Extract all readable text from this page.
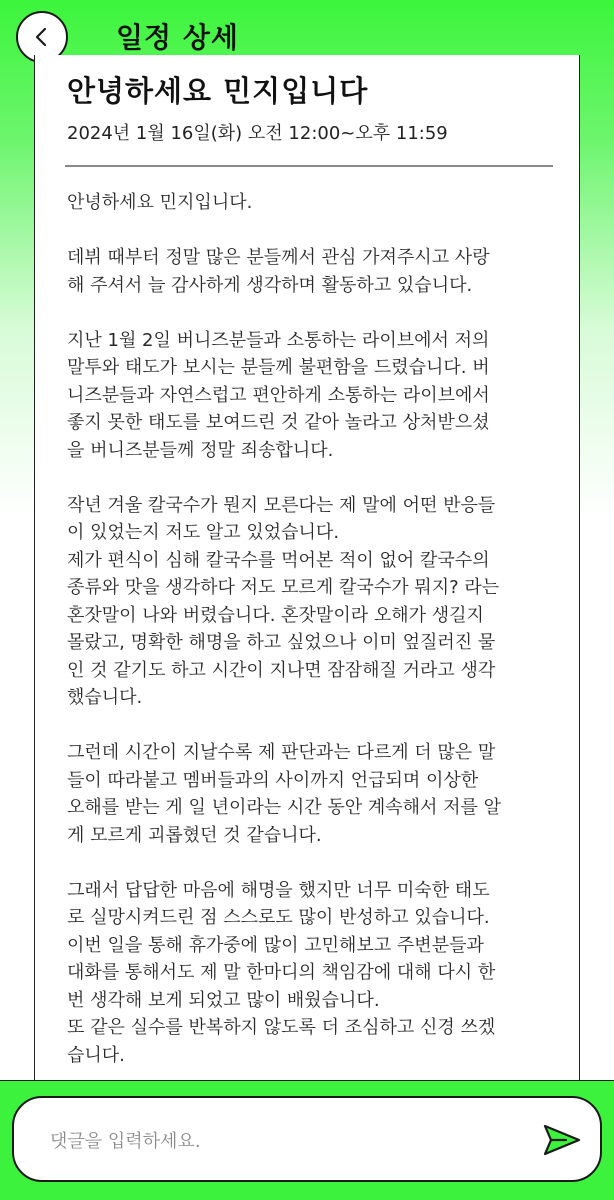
일정 상세
안녕하세요 민지입니다
2024년 1월 16일(화) 오전 12:00~오후 11:59

안녕하세요 민지입니다.

데뷔 때부터 정말 많은 분들께서 관심 가져주시고 사랑
해 주셔서 늘 감사하게 생각하며 활동하고 있습니다.

지난 1월 2일 버니즈분들과 소통하는 라이브에서 저의
말투와 태도가 보시는 분들께 불편함을 드렸습니다. 버
니즈분들과 자연스럽고 편안하게 소통하는 라이브에서
좋지 못한 태도를 보여드린 것 같아 놀라고 상처받으셨
을 버니즈분들께 정말 죄송합니다.

작년 겨울 칼국수가 뭔지 모른다는 제 말에 어떤 반응들
이 있었는지 저도 알고 있었습니다.
제가 편식이 심해 칼국수를 먹어본 적이 없어 칼국수의
종류와 맛을 생각하다 저도 모르게 칼국수가 뭐지? 라는
혼잣말이 나와 버렸습니다. 혼잣말이라 오해가 생길지
몰랐고, 명확한 해명을 하고 싶었으나 이미 엎질러진 물
인 것 같기도 하고 시간이 지나면 잠잠해질 거라고 생각
했습니다.

그런데 시간이 지날수록 제 판단과는 다르게 더 많은 말
들이 따라붙고 멤버들과의 사이까지 언급되며 이상한
오해를 받는 게 일 년이라는 시간 동안 계속해서 저를 알
게 모르게 괴롭혔던 것 같습니다.

그래서 답답한 마음에 해명을 했지만 너무 미숙한 태도
로 실망시켜드린 점 스스로도 많이 반성하고 있습니다.
이번 일을 통해 휴가중에 많이 고민해보고 주변분들과
대화를 통해서도 제 말 한마디의 책임감에 대해 다시 한
번 생각해 보게 되었고 많이 배웠습니다.
또 같은 실수를 반복하지 않도록 더 조심하고 신경 쓰겠
습니다.

댓글을 입력하세요.
